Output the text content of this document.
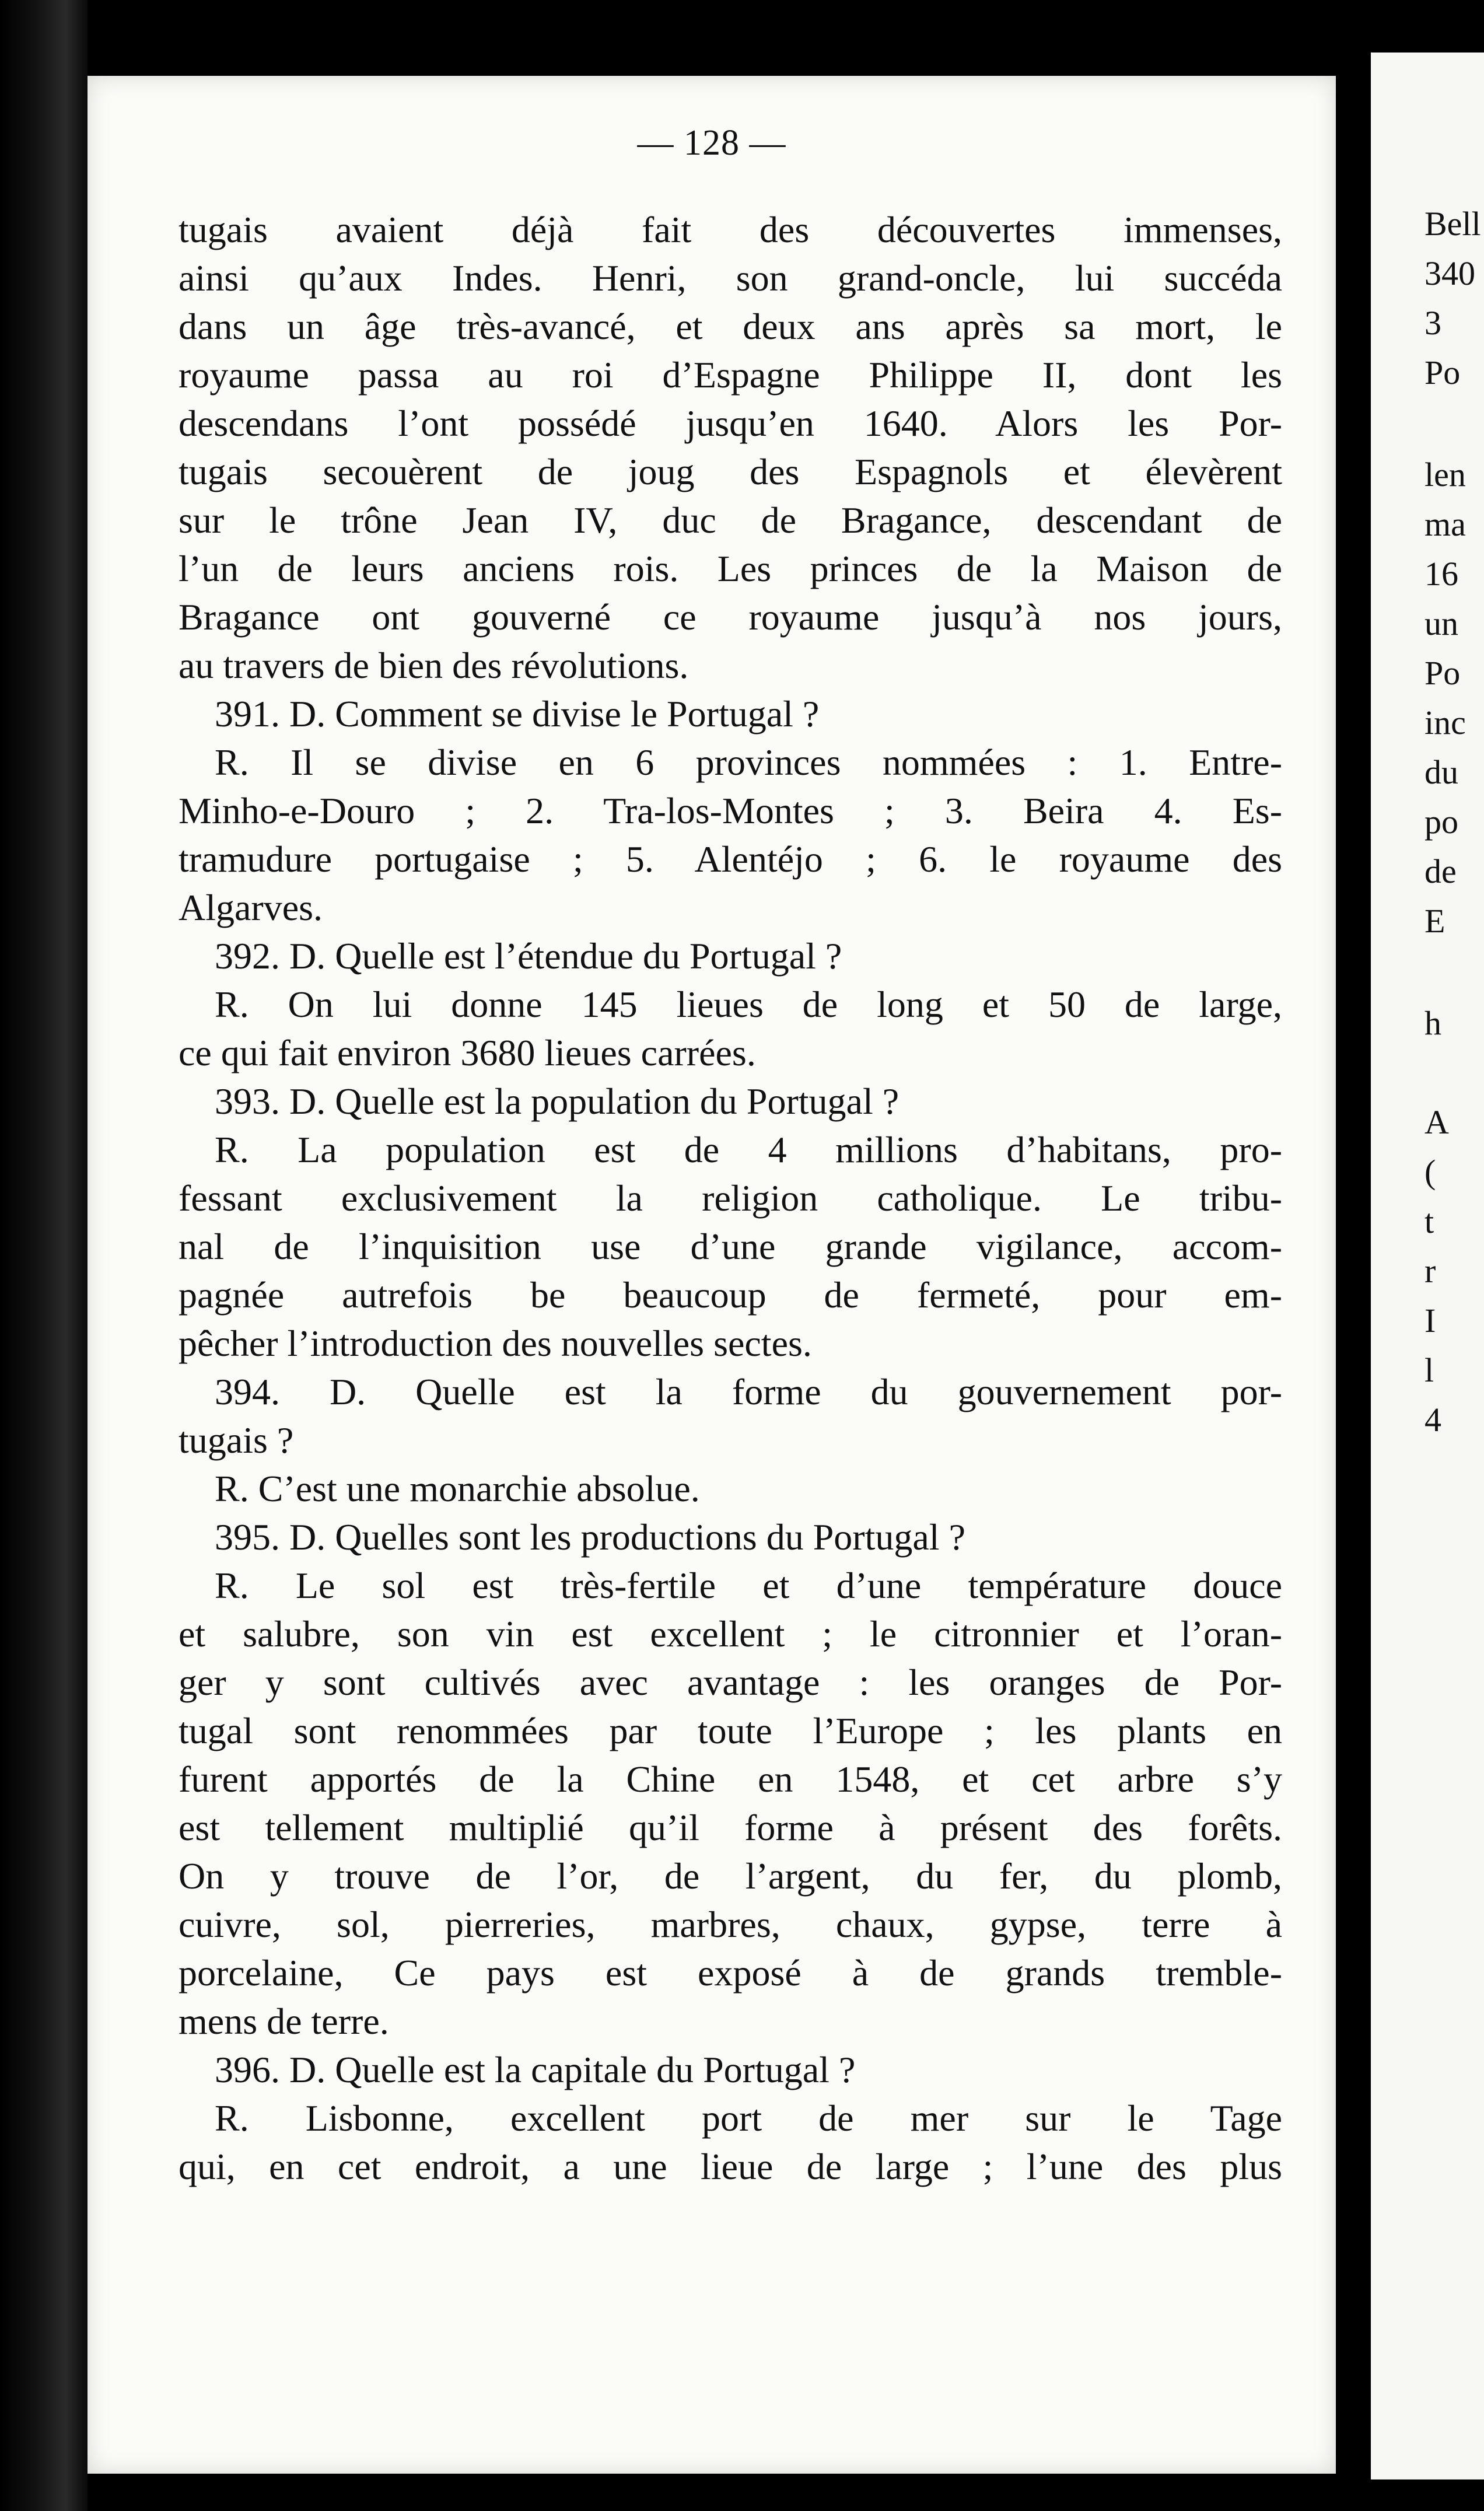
— 128 —
tugais avaient déjà fait des découvertes immenses,
ainsi qu’aux Indes. Henri, son grand-oncle, lui succéda
dans un âge très-avancé, et deux ans après sa mort, le
royaume passa au roi d’Espagne Philippe II, dont les
descendans l’ont possédé jusqu’en 1640. Alors les Por-
tugais secouèrent de joug des Espagnols et élevèrent
sur le trône Jean IV, duc de Bragance, descendant de
l’un de leurs anciens rois. Les princes de la Maison de
Bragance ont gouverné ce royaume jusqu’à nos jours,
au travers de bien des révolutions.
391. D. Comment se divise le Portugal ?
R. Il se divise en 6 provinces nommées : 1. Entre-
Minho-e-Douro ; 2. Tra-los-Montes ; 3. Beira 4. Es-
tramudure portugaise ; 5. Alentéjo ; 6. le royaume des
Algarves.
392. D. Quelle est l’étendue du Portugal ?
R. On lui donne 145 lieues de long et 50 de large,
ce qui fait environ 3680 lieues carrées.
393. D. Quelle est la population du Portugal ?
R. La population est de 4 millions d’habitans, pro-
fessant exclusivement la religion catholique. Le tribu-
nal de l’inquisition use d’une grande vigilance, accom-
pagnée autrefois be beaucoup de fermeté, pour em-
pêcher l’introduction des nouvelles sectes.
394. D. Quelle est la forme du gouvernement por-
tugais ?
R. C’est une monarchie absolue.
395. D. Quelles sont les productions du Portugal ?
R. Le sol est très-fertile et d’une température douce
et salubre, son vin est excellent ; le citronnier et l’oran-
ger y sont cultivés avec avantage : les oranges de Por-
tugal sont renommées par toute l’Europe ; les plants en
furent apportés de la Chine en 1548, et cet arbre s’y
est tellement multiplié qu’il forme à présent des forêts.
On y trouve de l’or, de l’argent, du fer, du plomb,
cuivre, sol, pierreries, marbres, chaux, gypse, terre à
porcelaine, Ce pays est exposé à de grands tremble-
mens de terre.
396. D. Quelle est la capitale du Portugal ?
R. Lisbonne, excellent port de mer sur le Tage
qui, en cet endroit, a une lieue de large ; l’une des plus
Bell
340
3
Po
len
ma
16
un
Po
inc
du
po
de
E
h
A
(
t
r
I
l
4
